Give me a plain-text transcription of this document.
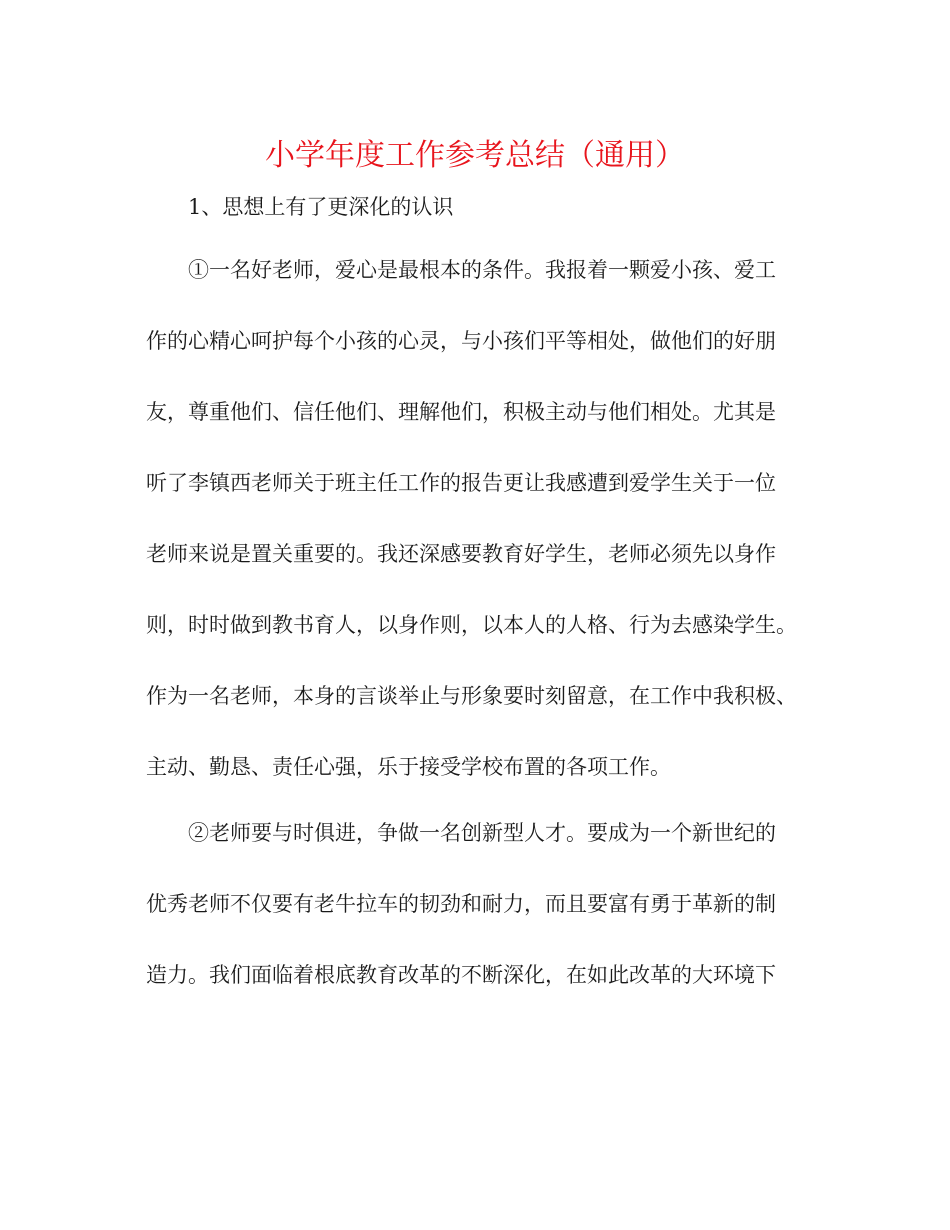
小学年度工作参考总结（通用）

1、思想上有了更深化的认识

①一名好老师，爱心是最根本的条件。我报着一颗爱小孩、爱工

作的心精心呵护每个小孩的心灵，与小孩们平等相处，做他们的好朋

友，尊重他们、信任他们、理解他们，积极主动与他们相处。尤其是

听了李镇西老师关于班主任工作的报告更让我感遭到爱学生关于一位

老师来说是置关重要的。我还深感要教育好学生，老师必须先以身作

则，时时做到教书育人，以身作则，以本人的人格、行为去感染学生。

作为一名老师，本身的言谈举止与形象要时刻留意，在工作中我积极、

主动、勤恳、责任心强，乐于接受学校布置的各项工作。

②老师要与时俱进，争做一名创新型人才。要成为一个新世纪的

优秀老师不仅要有老牛拉车的韧劲和耐力，而且要富有勇于革新的制

造力。我们面临着根底教育改革的不断深化，在如此改革的大环境下
